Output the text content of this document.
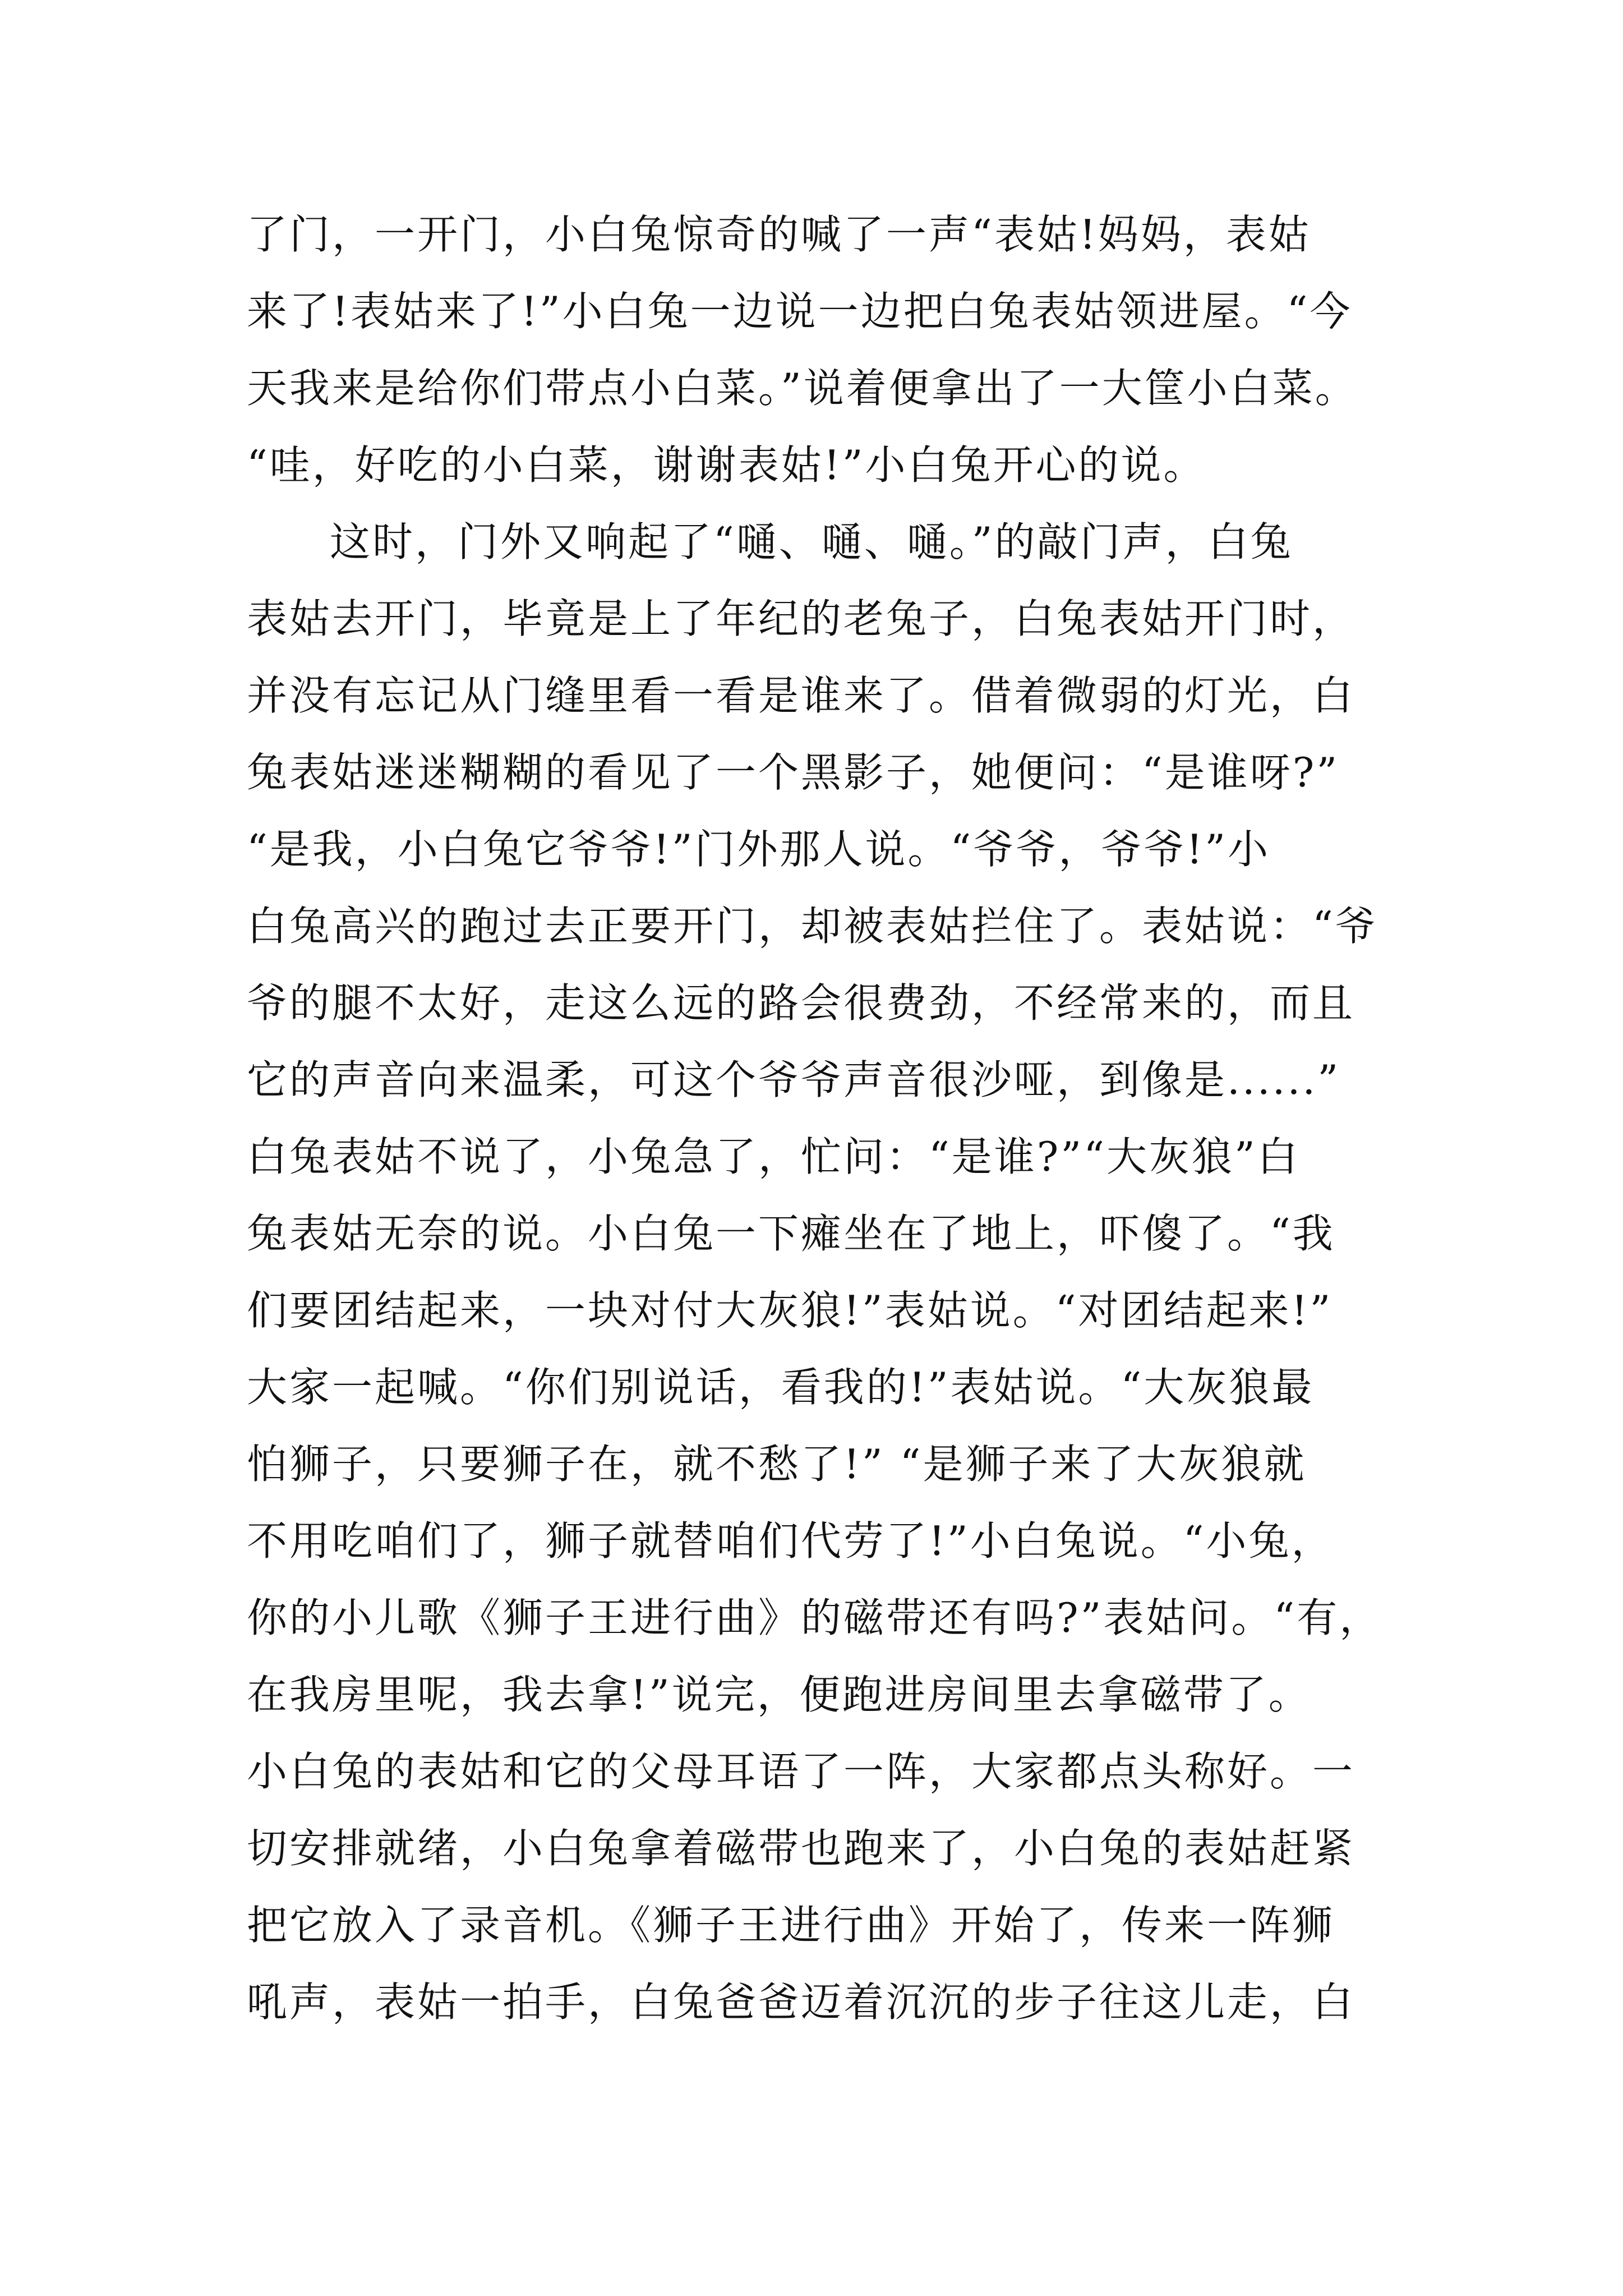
了门，一开门，小白兔惊奇的喊了一声“表姑!妈妈，表姑
来了!表姑来了!”小白兔一边说一边把白兔表姑领进屋。“今
天我来是给你们带点小白菜。”说着便拿出了一大筐小白菜。
“哇，好吃的小白菜，谢谢表姑!”小白兔开心的说。
这时，门外又响起了“嗵、嗵、嗵。”的敲门声，白兔
表姑去开门，毕竟是上了年纪的老兔子，白兔表姑开门时，
并没有忘记从门缝里看一看是谁来了。借着微弱的灯光，白
兔表姑迷迷糊糊的看见了一个黑影子，她便问：“是谁呀?”
“是我，小白兔它爷爷!”门外那人说。“爷爷，爷爷!”小
白兔高兴的跑过去正要开门，却被表姑拦住了。表姑说：“爷
爷的腿不太好，走这么远的路会很费劲，不经常来的，而且
它的声音向来温柔，可这个爷爷声音很沙哑，到像是......”
白兔表姑不说了，小兔急了，忙问：“是谁?”“大灰狼”白
兔表姑无奈的说。小白兔一下瘫坐在了地上，吓傻了。“我
们要团结起来，一块对付大灰狼!”表姑说。“对团结起来!”
大家一起喊。“你们别说话，看我的!”表姑说。“大灰狼最
怕狮子，只要狮子在，就不愁了!” “是狮子来了大灰狼就
不用吃咱们了，狮子就替咱们代劳了!”小白兔说。“小兔，
你的小儿歌《狮子王进行曲》的磁带还有吗?”表姑问。“有，
在我房里呢，我去拿!”说完，便跑进房间里去拿磁带了。
小白兔的表姑和它的父母耳语了一阵，大家都点头称好。一
切安排就绪，小白兔拿着磁带也跑来了，小白兔的表姑赶紧
把它放入了录音机。《狮子王进行曲》开始了，传来一阵狮
吼声，表姑一拍手，白兔爸爸迈着沉沉的步子往这儿走，白
